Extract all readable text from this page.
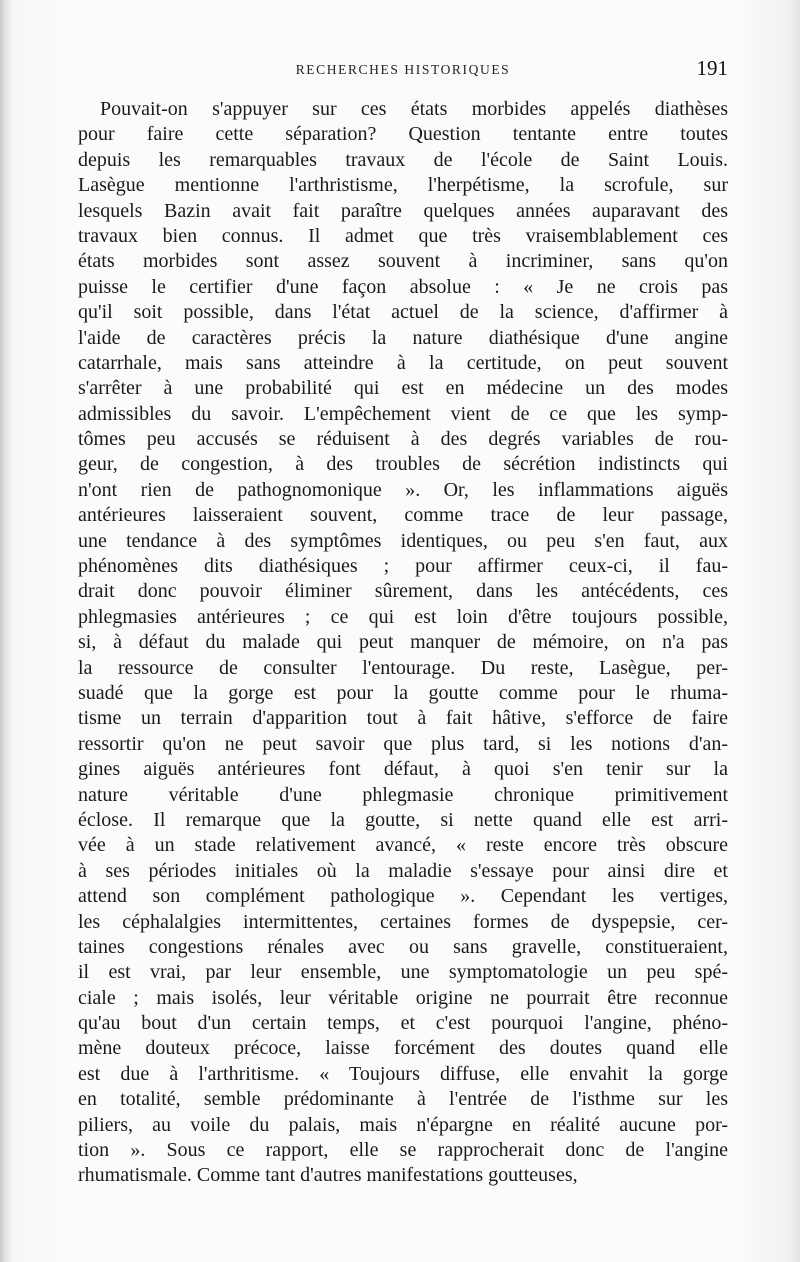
RECHERCHES HISTORIQUES	191
Pouvait-on s'appuyer sur ces états morbides appelés diathèses
pour faire cette séparation? Question tentante entre toutes
depuis les remarquables travaux de l'école de Saint Louis.
Lasègue mentionne l'arthristisme, l'herpétisme, la scrofule, sur
lesquels Bazin avait fait paraître quelques années auparavant des
travaux bien connus. Il admet que très vraisemblablement ces
états morbides sont assez souvent à incriminer, sans qu'on
puisse le certifier d'une façon absolue : « Je ne crois pas
qu'il soit possible, dans l'état actuel de la science, d'affirmer à
l'aide de caractères précis la nature diathésique d'une angine
catarrhale, mais sans atteindre à la certitude, on peut souvent
s'arrêter à une probabilité qui est en médecine un des modes
admissibles du savoir. L'empêchement vient de ce que les symp-
tômes peu accusés se réduisent à des degrés variables de rou-
geur, de congestion, à des troubles de sécrétion indistincts qui
n'ont rien de pathognomonique ». Or, les inflammations aiguës
antérieures laisseraient souvent, comme trace de leur passage,
une tendance à des symptômes identiques, ou peu s'en faut, aux
phénomènes dits diathésiques ; pour affirmer ceux-ci, il fau-
drait donc pouvoir éliminer sûrement, dans les antécédents, ces
phlegmasies antérieures ; ce qui est loin d'être toujours possible,
si, à défaut du malade qui peut manquer de mémoire, on n'a pas
la ressource de consulter l'entourage. Du reste, Lasègue, per-
suadé que la gorge est pour la goutte comme pour le rhuma-
tisme un terrain d'apparition tout à fait hâtive, s'efforce de faire
ressortir qu'on ne peut savoir que plus tard, si les notions d'an-
gines aiguës antérieures font défaut, à quoi s'en tenir sur la
nature véritable d'une phlegmasie chronique primitivement
éclose. Il remarque que la goutte, si nette quand elle est arri-
vée à un stade relativement avancé, « reste encore très obscure
à ses périodes initiales où la maladie s'essaye pour ainsi dire et
attend son complément pathologique ». Cependant les vertiges,
les céphalalgies intermittentes, certaines formes de dyspepsie, cer-
taines congestions rénales avec ou sans gravelle, constitueraient,
il est vrai, par leur ensemble, une symptomatologie un peu spé-
ciale ; mais isolés, leur véritable origine ne pourrait être reconnue
qu'au bout d'un certain temps, et c'est pourquoi l'angine, phéno-
mène douteux précoce, laisse forcément des doutes quand elle
est due à l'arthritisme. « Toujours diffuse, elle envahit la gorge
en totalité, semble prédominante à l'entrée de l'isthme sur les
piliers, au voile du palais, mais n'épargne en réalité aucune por-
tion ». Sous ce rapport, elle se rapprocherait donc de l'angine
rhumatismale. Comme tant d'autres manifestations goutteuses,
